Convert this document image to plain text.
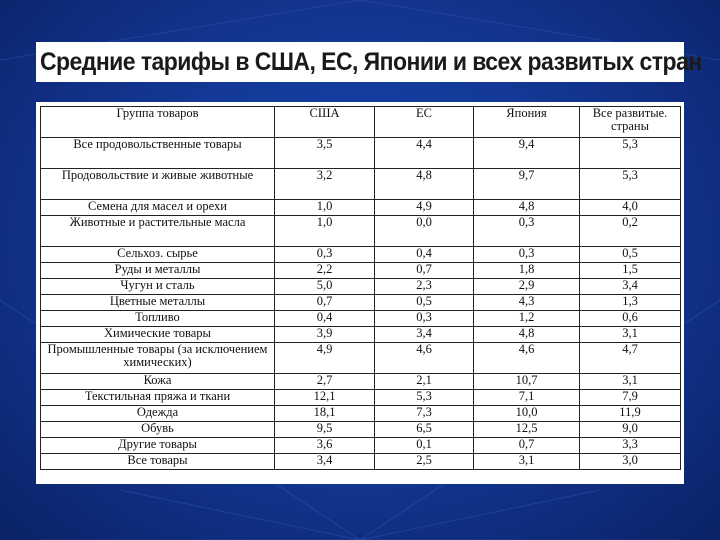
Средние тарифы в США, ЕС, Японии и всех развитых стран
Группа товаров	США	ЕС	Япония	Все развитые. страны
Все продовольственные товары	3,5	4,4	9,4	5,3
Продовольствие и живые животные	3,2	4,8	9,7	5,3
Семена для масел и орехи	1,0	4,9	4,8	4,0
Животные и растительные масла	1,0	0,0	0,3	0,2
Сельхоз. сырье	0,3	0,4	0,3	0,5
Руды и металлы	2,2	0,7	1,8	1,5
Чугун и сталь	5,0	2,3	2,9	3,4
Цветные металлы	0,7	0,5	4,3	1,3
Топливо	0,4	0,3	1,2	0,6
Химические товары	3,9	3,4	4,8	3,1
Промышленные товары (за исключением химических)	4,9	4,6	4,6	4,7
Кожа	2,7	2,1	10,7	3,1
Текстильная пряжа и ткани	12,1	5,3	7,1	7,9
Одежда	18,1	7,3	10,0	11,9
Обувь	9,5	6,5	12,5	9,0
Другие товары	3,6	0,1	0,7	3,3
Все товары	3,4	2,5	3,1	3,0
